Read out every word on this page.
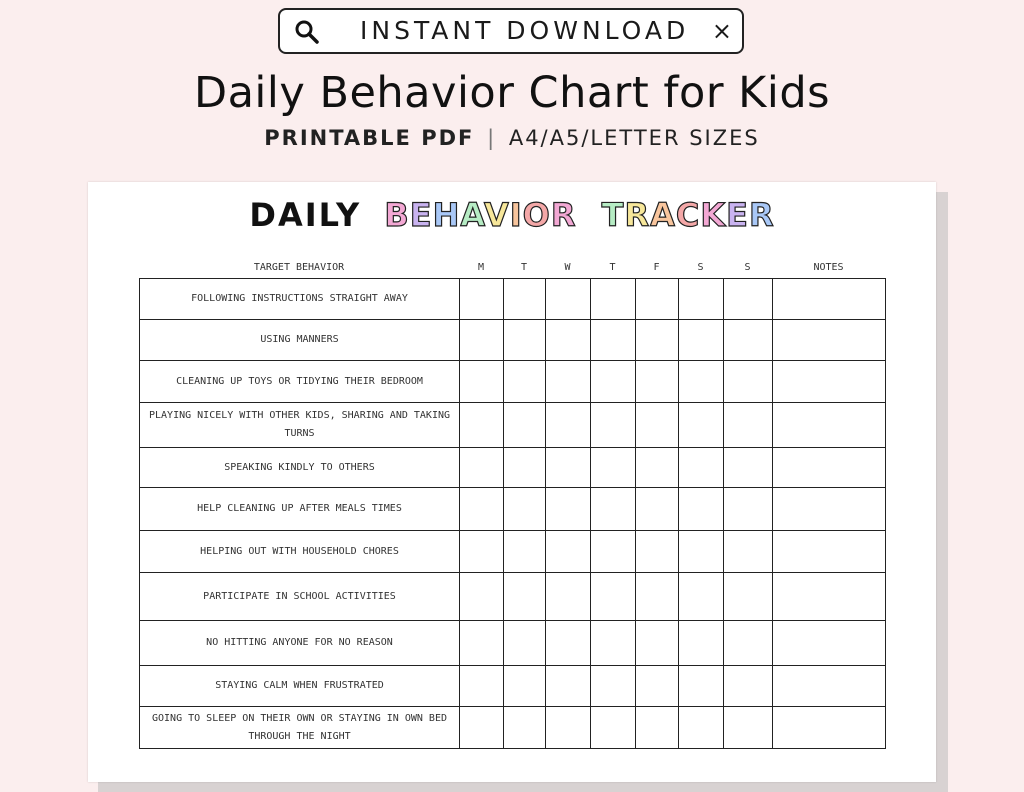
INSTANT DOWNLOAD ×
Daily Behavior Chart for Kids
PRINTABLE PDF | A4/A5/LETTER SIZES
DAILY BEHAVIOR TRACKER
TARGET BEHAVIOR	M	T	W	T	F	S	S	NOTES
FOLLOWING INSTRUCTIONS STRAIGHT AWAY								
USING MANNERS								
CLEANING UP TOYS OR TIDYING THEIR BEDROOM								
PLAYING NICELY WITH OTHER KIDS, SHARING AND TAKING TURNS								
SPEAKING KINDLY TO OTHERS								
HELP CLEANING UP AFTER MEALS TIMES								
HELPING OUT WITH HOUSEHOLD CHORES								
PARTICIPATE IN SCHOOL ACTIVITIES								
NO HITTING ANYONE FOR NO REASON								
STAYING CALM WHEN FRUSTRATED								
GOING TO SLEEP ON THEIR OWN OR STAYING IN OWN BED THROUGH THE NIGHT								
